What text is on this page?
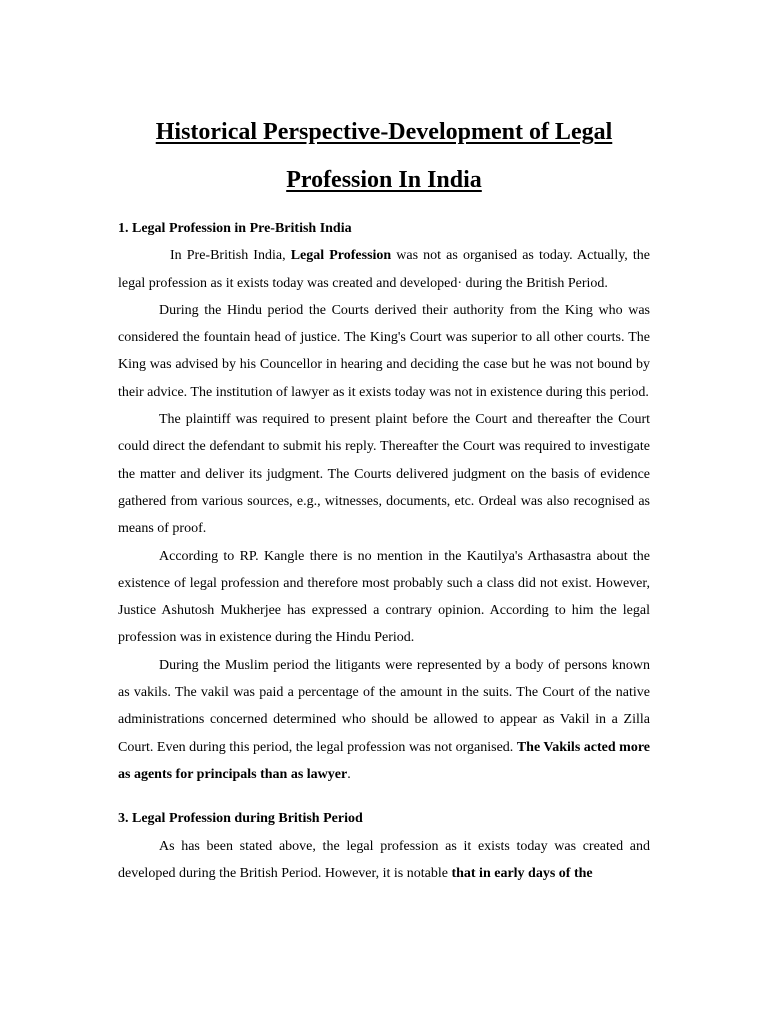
Historical Perspective-Development of Legal
Profession In India
1. Legal Profession in Pre-British India

In Pre-British India, Legal Profession was not as organised as today. Actually, the legal profession as it exists today was created and developed· during the British Period.

During the Hindu period the Courts derived their authority from the King who was considered the fountain head of justice. The King's Court was superior to all other courts. The King was advised by his Councellor in hearing and deciding the case but he was not bound by their advice. The institution of lawyer as it exists today was not in existence during this period.

The plaintiff was required to present plaint before the Court and thereafter the Court could direct the defendant to submit his reply. Thereafter the Court was required to investigate the matter and deliver its judgment. The Courts delivered judgment on the basis of evidence gathered from various sources, e.g., witnesses, documents, etc. Ordeal was also recognised as means of proof.

According to RP. Kangle there is no mention in the Kautilya's Arthasastra about the existence of legal profession and therefore most probably such a class did not exist. However, Justice Ashutosh Mukherjee has expressed a contrary opinion. According to him the legal profession was in existence during the Hindu Period.

During the Muslim period the litigants were represented by a body of persons known as vakils. The vakil was paid a percentage of the amount in the suits. The Court of the native administrations concerned determined who should be allowed to appear as Vakil in a Zilla Court. Even during this period, the legal profession was not organised. The Vakils acted more as agents for principals than as lawyer.

3. Legal Profession during British Period

As has been stated above, the legal profession as it exists today was created and developed during the British Period. However, it is notable that in early days of the
